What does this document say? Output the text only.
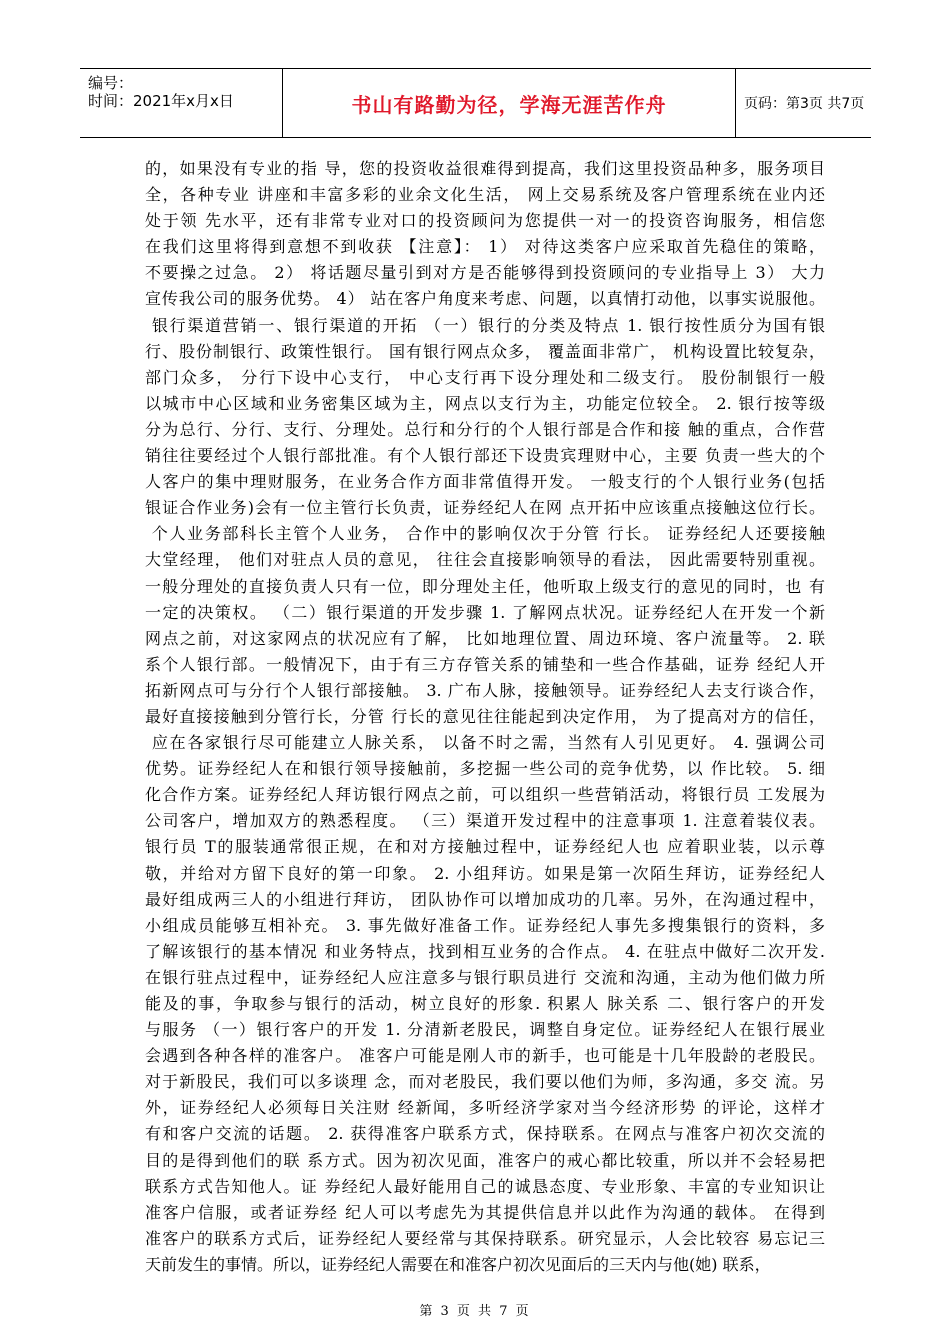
编号：
时间：2021年x月x日	书山有路勤为径，学海无涯苦作舟	页码：第3页 共7页
的，如果没有专业的指 导，您的投资收益很难得到提高，我们这里投资品种多，服务项目
全，各种专业 讲座和丰富多彩的业余文化生活， 网上交易系统及客户管理系统在业内还
处于领 先水平，还有非常专业对口的投资顾问为您提供一对一的投资咨询服务，相信您
在我们这里将得到意想不到收获 【注意】： 1） 对待这类客户应采取首先稳住的策略，
不要操之过急。 2） 将话题尽量引到对方是否能够得到投资顾问的专业指导上 3） 大力
宣传我公司的服务优势。 4） 站在客户角度来考虑、问题，以真情打动他，以事实说服他。
银行渠道营销一、银行渠道的开拓 （一）银行的分类及特点 1. 银行按性质分为国有银
行、股份制银行、政策性银行。 国有银行网点众多， 覆盖面非常广， 机构设置比较复杂，
部门众多， 分行下设中心支行， 中心支行再下设分理处和二级支行。 股份制银行一般
以城市中心区域和业务密集区域为主，网点以支行为主，功能定位较全。 2. 银行按等级
分为总行、分行、支行、分理处。总行和分行的个人银行部是合作和接 触的重点，合作营
销往往要经过个人银行部批准。有个人银行部还下设贵宾理财中心，主要 负责一些大的个
人客户的集中理财服务，在业务合作方面非常值得开发。 一般支行的个人银行业务(包括
银证合作业务)会有一位主管行长负责，证券经纪人在网 点开拓中应该重点接触这位行长。
个人业务部科长主管个人业务， 合作中的影响仅次于分管 行长。 证券经纪人还要接触
大堂经理， 他们对驻点人员的意见， 往往会直接影响领导的看法， 因此需要特别重视。
一般分理处的直接负责人只有一位，即分理处主任，他听取上级支行的意见的同时，也 有
一定的决策权。 （二）银行渠道的开发步骤 1. 了解网点状况。证券经纪人在开发一个新
网点之前，对这家网点的状况应有了解， 比如地理位置、周边环境、客户流量等。 2. 联
系个人银行部。一般情况下，由于有三方存管关系的铺垫和一些合作基础，证券 经纪人开
拓新网点可与分行个人银行部接触。 3. 广布人脉，接触领导。证券经纪人去支行谈合作，
最好直接接触到分管行长，分管 行长的意见往往能起到决定作用， 为了提高对方的信任，
应在各家银行尽可能建立人脉关系， 以备不时之需，当然有人引见更好。 4. 强调公司
优势。证券经纪人在和银行领导接触前，多挖掘一些公司的竞争优势，以 作比较。 5. 细
化合作方案。证券经纪人拜访银行网点之前，可以组织一些营销活动，将银行员 工发展为
公司客户，增加双方的熟悉程度。 （三）渠道开发过程中的注意事项 1. 注意着装仪表。
银行员 T的服装通常很正规，在和对方接触过程中，证券经纪人也 应着职业装，以示尊
敬，并给对方留下良好的第一印象。 2. 小组拜访。如果是第一次陌生拜访，证券经纪人
最好组成两三人的小组进行拜访， 团队协作可以增加成功的几率。另外，在沟通过程中，
小组成员能够互相补充。 3. 事先做好准备工作。证券经纪人事先多搜集银行的资料，多
了解该银行的基本情况 和业务特点，找到相互业务的合作点。 4. 在驻点中做好二次开发.
在银行驻点过程中，证券经纪人应注意多与银行职员进行 交流和沟通，主动为他们做力所
能及的事，争取参与银行的活动，树立良好的形象. 积累人 脉关系 二、银行客户的开发
与服务 （一）银行客户的开发 1. 分清新老股民，调整自身定位。证券经纪人在银行展业
会遇到各种各样的准客户。 准客户可能是刚人市的新手，也可能是十几年股龄的老股民。
对于新股民，我们可以多谈理 念，而对老股民，我们要以他们为师，多沟通，多交 流。另
外，证券经纪人必须每日关注财 经新闻，多听经济学家对当今经济形势 的评论，这样才
有和客户交流的话题。 2. 获得准客户联系方式，保持联系。在网点与准客户初次交流的
目的是得到他们的联 系方式。因为初次见面，准客户的戒心都比较重，所以并不会轻易把
联系方式告知他人。证 券经纪人最好能用自己的诚恳态度、专业形象、丰富的专业知识让
准客户信服，或者证券经 纪人可以考虑先为其提供信息并以此作为沟通的载体。 在得到
准客户的联系方式后，证券经纪人要经常与其保持联系。研究显示，人会比较容 易忘记三
天前发生的事情。所以，证券经纪人需要在和准客户初次见面后的三天内与他(她) 联系，
第 3 页 共 7 页
